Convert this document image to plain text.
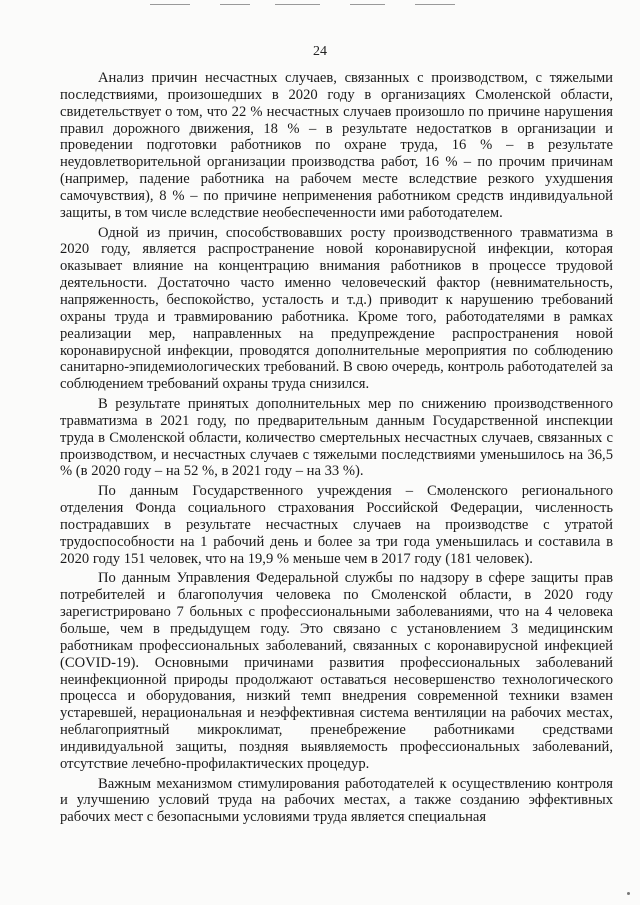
24

Анализ причин несчастных случаев, связанных с производством, с тяжелыми последствиями, произошедших в 2020 году в организациях Смоленской области, свидетельствует о том, что 22 % несчастных случаев произошло по причине нарушения правил дорожного движения, 18 % – в результате недостатков в организации и проведении подготовки работников по охране труда, 16 % – в результате неудовлетворительной организации производства работ, 16 % – по прочим причинам (например, падение работника на рабочем месте вследствие резкого ухудшения самочувствия), 8 % – по причине неприменения работником средств индивидуальной защиты, в том числе вследствие необеспеченности ими работодателем.

Одной из причин, способствовавших росту производственного травматизма в 2020 году, является распространение новой коронавирусной инфекции, которая оказывает влияние на концентрацию внимания работников в процессе трудовой деятельности. Достаточно часто именно человеческий фактор (невнимательность, напряженность, беспокойство, усталость и т.д.) приводит к нарушению требований охраны труда и травмированию работника. Кроме того, работодателями в рамках реализации мер, направленных на предупреждение распространения новой коронавирусной инфекции, проводятся дополнительные мероприятия по соблюдению санитарно-эпидемиологических требований. В свою очередь, контроль работодателей за соблюдением требований охраны труда снизился.

В результате принятых дополнительных мер по снижению производственного травматизма в 2021 году, по предварительным данным Государственной инспекции труда в Смоленской области, количество смертельных несчастных случаев, связанных с производством, и несчастных случаев с тяжелыми последствиями уменьшилось на 36,5 % (в 2020 году – на 52 %, в 2021 году – на 33 %).

По данным Государственного учреждения – Смоленского регионального отделения Фонда социального страхования Российской Федерации, численность пострадавших в результате несчастных случаев на производстве с утратой трудоспособности на 1 рабочий день и более за три года уменьшилась и составила в 2020 году 151 человек, что на 19,9 % меньше чем в 2017 году (181 человек).

По данным Управления Федеральной службы по надзору в сфере защиты прав потребителей и благополучия человека по Смоленской области, в 2020 году зарегистрировано 7 больных с профессиональными заболеваниями, что на 4 человека больше, чем в предыдущем году. Это связано с установлением 3 медицинским работникам профессиональных заболеваний, связанных с коронавирусной инфекцией (COVID-19). Основными причинами развития профессиональных заболеваний неинфекционной природы продолжают оставаться несовершенство технологического процесса и оборудования, низкий темп внедрения современной техники взамен устаревшей, нерациональная и неэффективная система вентиляции на рабочих местах, неблагоприятный микроклимат, пренебрежение работниками средствами индивидуальной защиты, поздняя выявляемость профессиональных заболеваний, отсутствие лечебно-профилактических процедур.

Важным механизмом стимулирования работодателей к осуществлению контроля и улучшению условий труда на рабочих местах, а также созданию эффективных рабочих мест с безопасными условиями труда является специальная
